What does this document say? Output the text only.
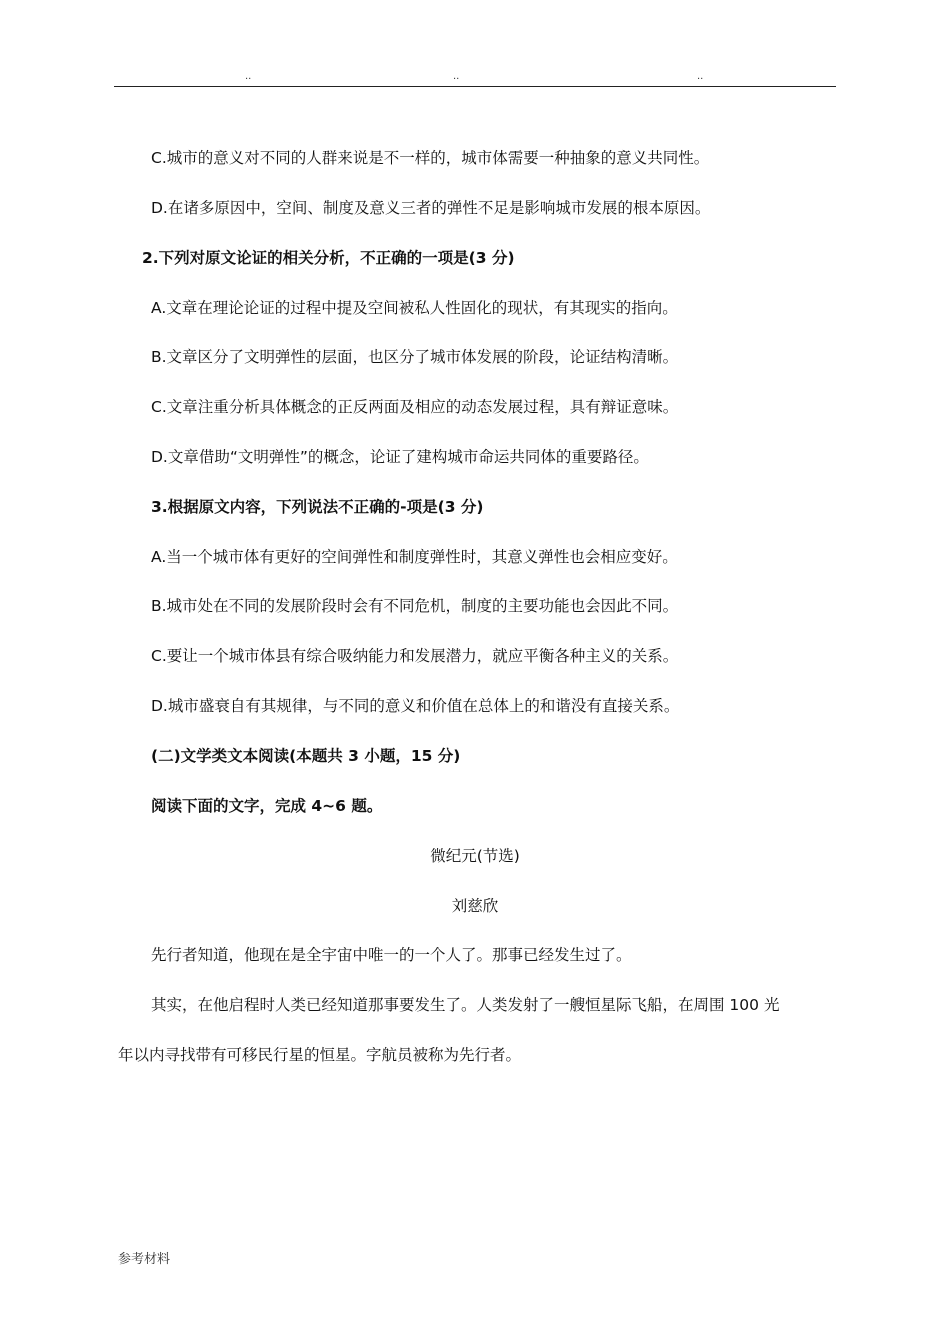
..	..	..
C.城市的意义对不同的人群来说是不一样的，城市体需要一种抽象的意义共同性。
D.在诸多原因中，空间、制度及意义三者的弹性不足是影响城市发展的根本原因。
2.下列对原文论证的相关分析，不正确的一项是(3 分)
A.文章在理论论证的过程中提及空间被私人性固化的现状，有其现实的指向。
B.文章区分了文明弹性的层面，也区分了城市体发展的阶段，论证结构清晰。
C.文章注重分析具体概念的正反两面及相应的动态发展过程，具有辩证意味。
D.文章借助“文明弹性”的概念，论证了建构城市命运共同体的重要路径。
3.根据原文内容，下列说法不正确的-项是(3 分)
A.当一个城市体有更好的空间弹性和制度弹性时，其意义弹性也会相应变好。
B.城市处在不同的发展阶段时会有不同危机，制度的主要功能也会因此不同。
C.要让一个城市体县有综合吸纳能力和发展潜力，就应平衡各种主义的关系。
D.城市盛衰自有其规律，与不同的意义和价值在总体上的和谐没有直接关系。
(二)文学类文本阅读(本题共 3 小题，15 分)
阅读下面的文字，完成 4~6 题。
微纪元(节选)
刘慈欣
先行者知道，他现在是全宇宙中唯一的一个人了。那事已经发生过了。
其实，在他启程时人类已经知道那事要发生了。人类发射了一艘恒星际飞船，在周围 100 光
年以内寻找带有可移民行星的恒星。字航员被称为先行者。
参考材料
